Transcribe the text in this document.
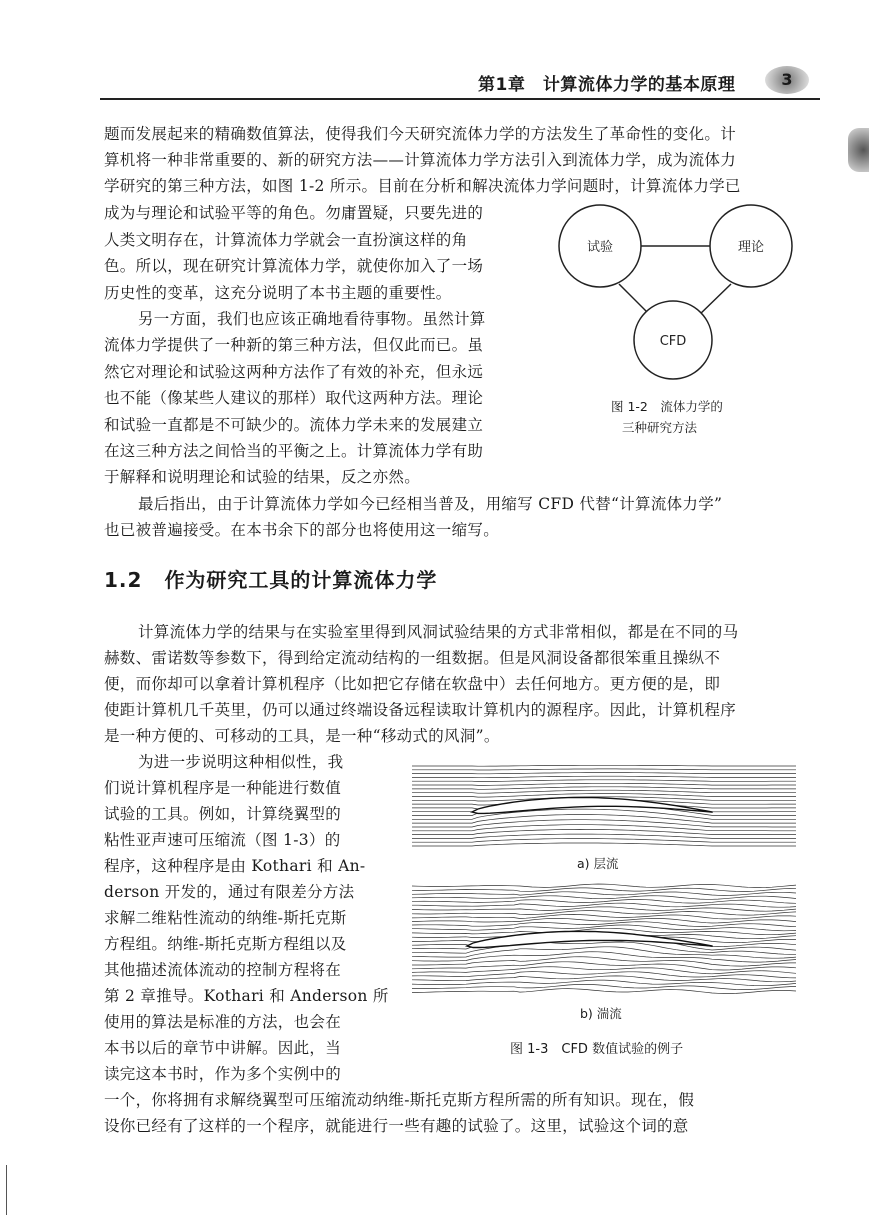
第1章　计算流体力学的基本原理	3
题而发展起来的精确数值算法，使得我们今天研究流体力学的方法发生了革命性的变化。计
算机将一种非常重要的、新的研究方法——计算流体力学方法引入到流体力学，成为流体力
学研究的第三种方法，如图 1-2 所示。目前在分析和解决流体力学问题时，计算流体力学已
成为与理论和试验平等的角色。勿庸置疑，只要先进的
人类文明存在，计算流体力学就会一直扮演这样的角
色。所以，现在研究计算流体力学，就使你加入了一场
历史性的变革，这充分说明了本书主题的重要性。
另一方面，我们也应该正确地看待事物。虽然计算
流体力学提供了一种新的第三种方法，但仅此而已。虽
然它对理论和试验这两种方法作了有效的补充，但永远
也不能（像某些人建议的那样）取代这两种方法。理论
和试验一直都是不可缺少的。流体力学未来的发展建立
在这三种方法之间恰当的平衡之上。计算流体力学有助
于解释和说明理论和试验的结果，反之亦然。
最后指出，由于计算流体力学如今已经相当普及，用缩写 CFD 代替“计算流体力学”
也已被普遍接受。在本书余下的部分也将使用这一缩写。
试验	理论
CFD
图 1-2　流体力学的
三种研究方法
1.2 作为研究工具的计算流体力学
计算流体力学的结果与在实验室里得到风洞试验结果的方式非常相似，都是在不同的马
赫数、雷诺数等参数下，得到给定流动结构的一组数据。但是风洞设备都很笨重且操纵不
便，而你却可以拿着计算机程序（比如把它存储在软盘中）去任何地方。更方便的是，即
使距计算机几千英里，仍可以通过终端设备远程读取计算机内的源程序。因此，计算机程序
是一种方便的、可移动的工具，是一种“移动式的风洞”。
为进一步说明这种相似性，我
们说计算机程序是一种能进行数值
试验的工具。例如，计算绕翼型的
粘性亚声速可压缩流（图 1-3）的
程序，这种程序是由 Kothari 和 An-
derson 开发的，通过有限差分方法
求解二维粘性流动的纳维-斯托克斯
方程组。纳维-斯托克斯方程组以及
其他描述流体流动的控制方程将在
第 2 章推导。Kothari 和 Anderson 所
使用的算法是标准的方法，也会在
本书以后的章节中讲解。因此，当
读完这本书时，作为多个实例中的
a) 层流
b) 湍流
图 1-3　CFD 数值试验的例子
一个，你将拥有求解绕翼型可压缩流动纳维-斯托克斯方程所需的所有知识。现在，假
设你已经有了这样的一个程序，就能进行一些有趣的试验了。这里，试验这个词的意
